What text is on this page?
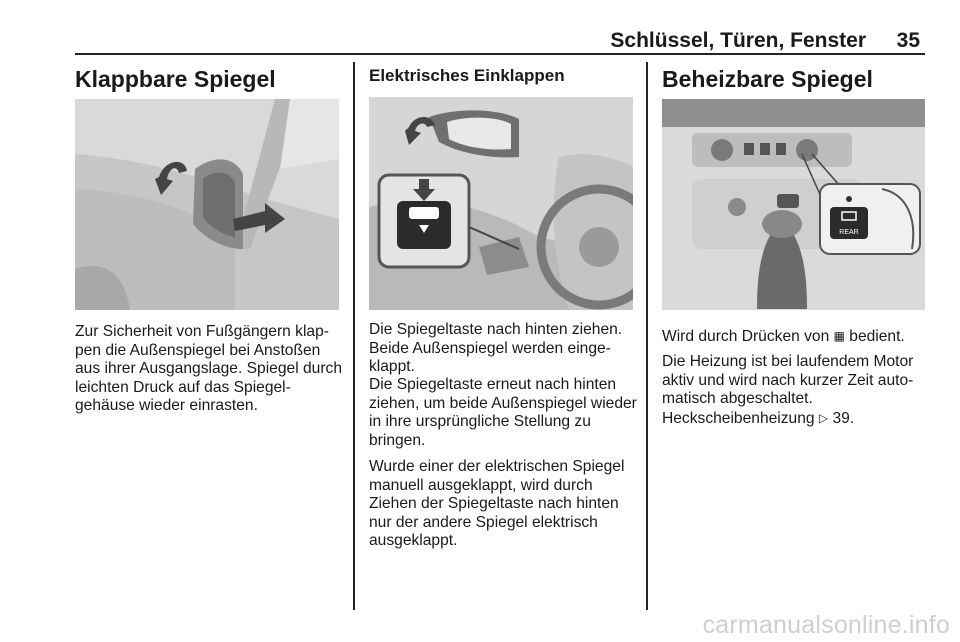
Schlüssel, Türen, Fenster	35
Klappbare Spiegel

Zur Sicherheit von Fußgängern klappen die Außenspiegel bei Anstoßen aus ihrer Ausgangslage. Spiegel durch leichten Druck auf das Spiegelgehäuse wieder einrasten.

Elektrisches Einklappen

Die Spiegeltaste nach hinten ziehen. Beide Außenspiegel werden eingeklappt.

Die Spiegeltaste erneut nach hinten ziehen, um beide Außenspiegel wieder in ihre ursprüngliche Stellung zu bringen.

Wurde einer der elektrischen Spiegel manuell ausgeklappt, wird durch Ziehen der Spiegeltaste nach hinten nur der andere Spiegel elektrisch ausgeklappt.

Beheizbare Spiegel
REAR

Wird durch Drücken von ▦ bedient.

Die Heizung ist bei laufendem Motor aktiv und wird nach kurzer Zeit automatisch abgeschaltet.

Heckscheibenheizung ▷ 39.

carmanualsonline.info
